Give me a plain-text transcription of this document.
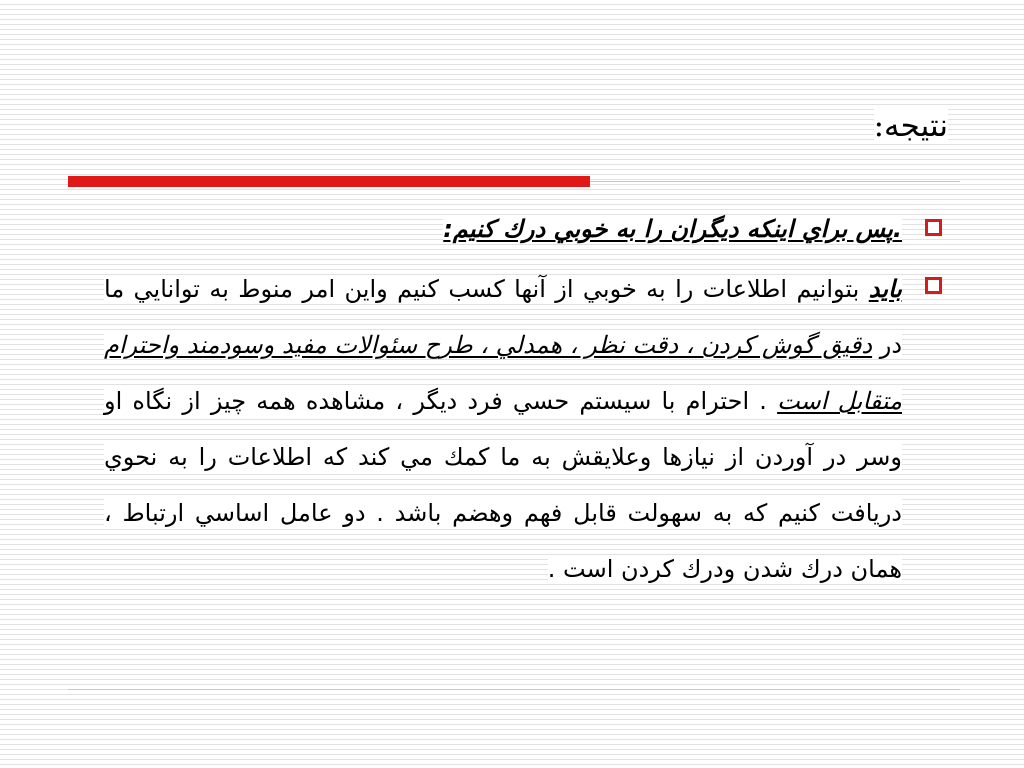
نتيجه:

.پس براي اينكه ديگران را به خوبي درك كنيم:

بايد بتوانيم اطلاعات را به خوبي از آنها كسب كنيم واين امر منوط به توانايي ما در دقيق گوش كردن ، دقت نظر ، همدلي ، طرح سئوالات مفيد وسودمند واحترام متقابل است . احترام با سيستم حسي فرد ديگر ، مشاهده همه چيز از نگاه او وسر در آوردن از نيازها وعلايقش به ما كمك مي كند كه اطلاعات را به نحوي دريافت كنيم كه به سهولت قابل فهم وهضم باشد . دو عامل اساسي ارتباط ، همان درك شدن ودرك كردن است .
